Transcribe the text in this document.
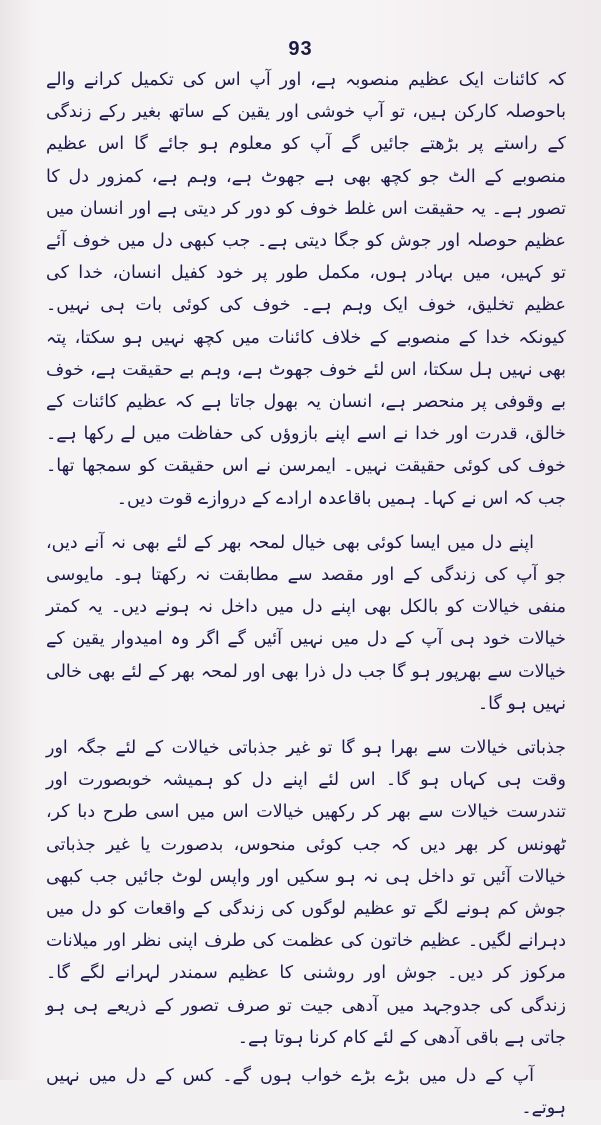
93

کہ کائنات ایک عظیم منصوبہ ہے، اور آپ اس کی تکمیل کرانے والے باحوصلہ کارکن ہیں، تو آپ خوشی اور یقین کے ساتھ بغیر رکے زندگی کے راستے پر بڑھتے جائیں گے آپ کو معلوم ہو جائے گا اس عظیم منصوبے کے الٹ جو کچھ بھی ہے جھوٹ ہے، وہم ہے، کمزور دل کا تصور ہے۔ یہ حقیقت اس غلط خوف کو دور کر دیتی ہے اور انسان میں عظیم حوصلہ اور جوش کو جگا دیتی ہے۔ جب کبھی دل میں خوف آئے تو کہیں، میں بہادر ہوں، مکمل طور پر خود کفیل انسان، خدا کی عظیم تخلیق، خوف ایک وہم ہے۔ خوف کی کوئی بات ہی نہیں۔ کیونکہ خدا کے منصوبے کے خلاف کائنات میں کچھ نہیں ہو سکتا، پتہ بھی نہیں ہل سکتا، اس لئے خوف جھوٹ ہے، وہم بے حقیقت ہے، خوف بے وقوفی پر منحصر ہے، انسان یہ بھول جاتا ہے کہ عظیم کائنات کے خالق، قدرت اور خدا نے اسے اپنے بازوؤں کی حفاظت میں لے رکھا ہے۔ خوف کی کوئی حقیقت نہیں۔ ایمرسن نے اس حقیقت کو سمجھا تھا۔ جب کہ اس نے کہا۔ ہمیں باقاعدہ ارادے کے دروازے قوت دیں۔

اپنے دل میں ایسا کوئی بھی خیال لمحہ بھر کے لئے بھی نہ آنے دیں، جو آپ کی زندگی کے اور مقصد سے مطابقت نہ رکھتا ہو۔ مایوسی منفی خیالات کو بالکل بھی اپنے دل میں داخل نہ ہونے دیں۔ یہ کمتر خیالات خود ہی آپ کے دل میں نہیں آئیں گے اگر وہ امیدوار یقین کے خیالات سے بھرپور ہو گا جب دل ذرا بھی اور لمحہ بھر کے لئے بھی خالی نہیں ہو گا۔

جذباتی خیالات سے بھرا ہو گا تو غیر جذباتی خیالات کے لئے جگہ اور وقت ہی کہاں ہو گا۔ اس لئے اپنے دل کو ہمیشہ خوبصورت اور تندرست خیالات سے بھر کر رکھیں خیالات اس میں اسی طرح دبا کر، ٹھونس کر بھر دیں کہ جب کوئی منحوس، بدصورت یا غیر جذباتی خیالات آئیں تو داخل ہی نہ ہو سکیں اور واپس لوٹ جائیں جب کبھی جوش کم ہونے لگے تو عظیم لوگوں کی زندگی کے واقعات کو دل میں دہرانے لگیں۔ عظیم خاتون کی عظمت کی طرف اپنی نظر اور میلانات مرکوز کر دیں۔ جوش اور روشنی کا عظیم سمندر لہرانے لگے گا۔ زندگی کی جدوجہد میں آدھی جیت تو صرف تصور کے ذریعے ہی ہو جاتی ہے باقی آدھی کے لئے کام کرنا ہوتا ہے۔

آپ کے دل میں بڑے بڑے خواب ہوں گے۔ کس کے دل میں نہیں ہوتے۔
